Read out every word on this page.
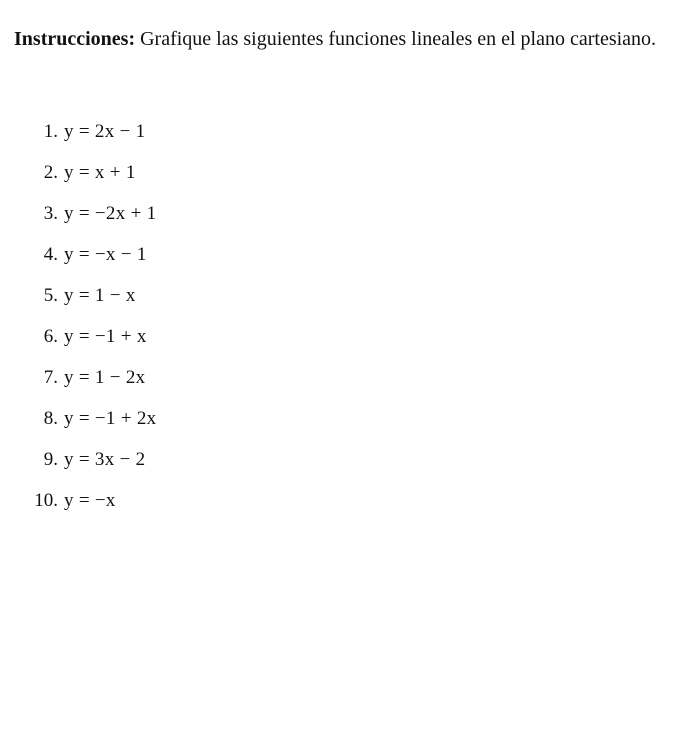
Instrucciones: Grafique las siguientes funciones lineales en el plano cartesiano.

1. y = 2x − 1
2. y = x + 1
3. y = −2x + 1
4. y = −x − 1
5. y = 1 − x
6. y = −1 + x
7. y = 1 − 2x
8. y = −1 + 2x
9. y = 3x − 2
10. y = −x
